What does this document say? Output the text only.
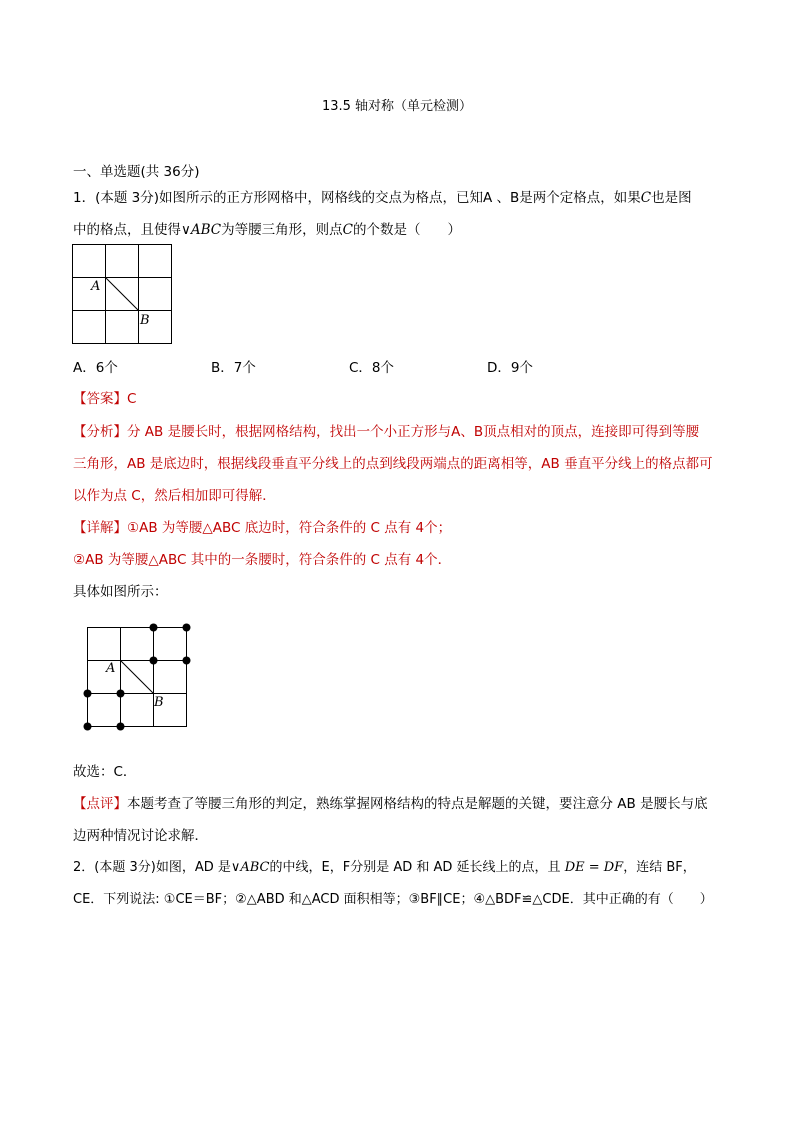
13.5 轴对称（单元检测）
一、单选题(共 36分)
1．(本题 3分)如图所示的正方形网格中，网格线的交点为格点，已知A 、B是两个定格点，如果C也是图
中的格点，且使得∨ABC为等腰三角形，则点C的个数是（　　）
A
B
A．6个	B．7个	C．8个	D．9个
【答案】C
【分析】分 AB 是腰长时，根据网格结构，找出一个小正方形与A、B顶点相对的顶点，连接即可得到等腰
三角形，AB 是底边时，根据线段垂直平分线上的点到线段两端点的距离相等，AB 垂直平分线上的格点都可
以作为点 C，然后相加即可得解．
【详解】①AB 为等腰△ABC 底边时，符合条件的 C 点有 4个；
②AB 为等腰△ABC 其中的一条腰时，符合条件的 C 点有 4个．
具体如图所示：
A
B
故选：C．
【点评】本题考查了等腰三角形的判定，熟练掌握网格结构的特点是解题的关键，要注意分 AB 是腰长与底
边两种情况讨论求解．
2．(本题 3分)如图，AD 是∨ABC的中线，E，F分别是 AD 和 AD 延长线上的点，且 DE = DF，连结 BF，
CE．下列说法: ①CE＝BF；②△ABD 和△ACD 面积相等；③BF∥CE；④△BDF≌△CDE．其中正确的有（　　）
